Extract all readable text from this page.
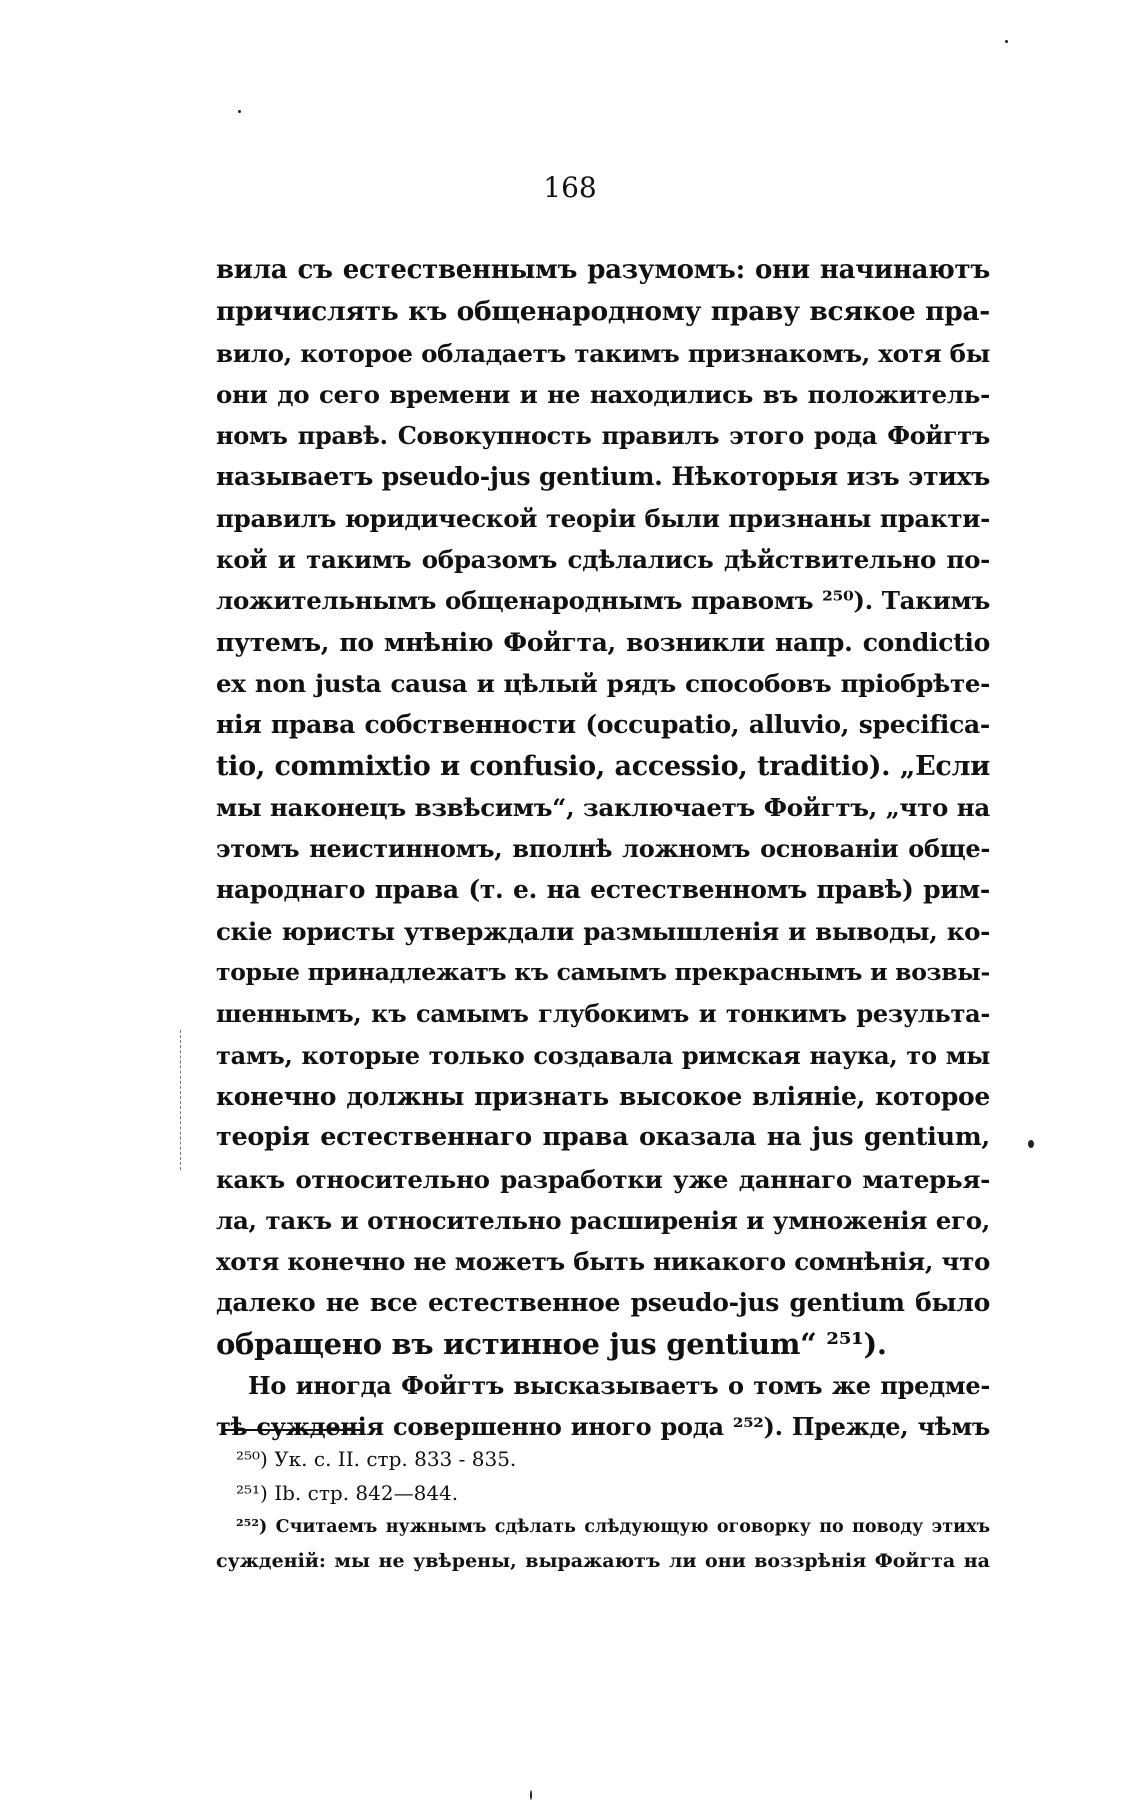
168
вила съ естественнымъ разумомъ: они начинаютъ
причислять къ общенародному праву всякое пра-
вило, которое обладаетъ такимъ признакомъ, хотя бы
они до сего времени и не находились въ положитель-
номъ правѣ. Совокупность правилъ этого рода Фойгтъ
называетъ pseudo-jus gentium. Нѣкоторыя изъ этихъ
правилъ юридической теоріи были признаны практи-
кой и такимъ образомъ сдѣлались дѣйствительно по-
ложительнымъ общенароднымъ правомъ ²⁵⁰). Такимъ
путемъ, по мнѣнію Фойгта, возникли напр. condictio
ex non justa causa и цѣлый рядъ способовъ пріобрѣте-
нія права собственности (occupatio, alluvio, specifica-
tio, commixtio и confusio, accessio, traditio). „Если
мы наконецъ взвѣсимъ“, заключаетъ Фойгтъ, „что на
этомъ неистинномъ, вполнѣ ложномъ основаніи обще-
народнаго права (т. е. на естественномъ правѣ) рим-
скіе юристы утверждали размышленія и выводы, ко-
торые принадлежатъ къ самымъ прекраснымъ и возвы-
шеннымъ, къ самымъ глубокимъ и тонкимъ результа-
тамъ, которые только создавала римская наука, то мы
конечно должны признать высокое вліяніе, которое
теорія естественнаго права оказала на jus gentium,
какъ относительно разработки уже даннаго матерья-
ла, такъ и относительно расширенія и умноженія его,
хотя конечно не можетъ быть никакого сомнѣнія, что
далеко не все естественное pseudo-jus gentium было
обращено въ истинное jus gentium“ ²⁵¹).
Но иногда Фойгтъ высказываетъ о томъ же предме-
тѣ сужденія совершенно иного рода ²⁵²). Прежде, чѣмъ
²⁵⁰) Ук. с. II. стр. 833 - 835.
²⁵¹) Ib. стр. 842—844.
²⁵²) Считаемъ нужнымъ сдѣлать слѣдующую оговорку по поводу этихъ
сужденій: мы не увѣрены, выражаютъ ли они воззрѣнія Фойгта на
